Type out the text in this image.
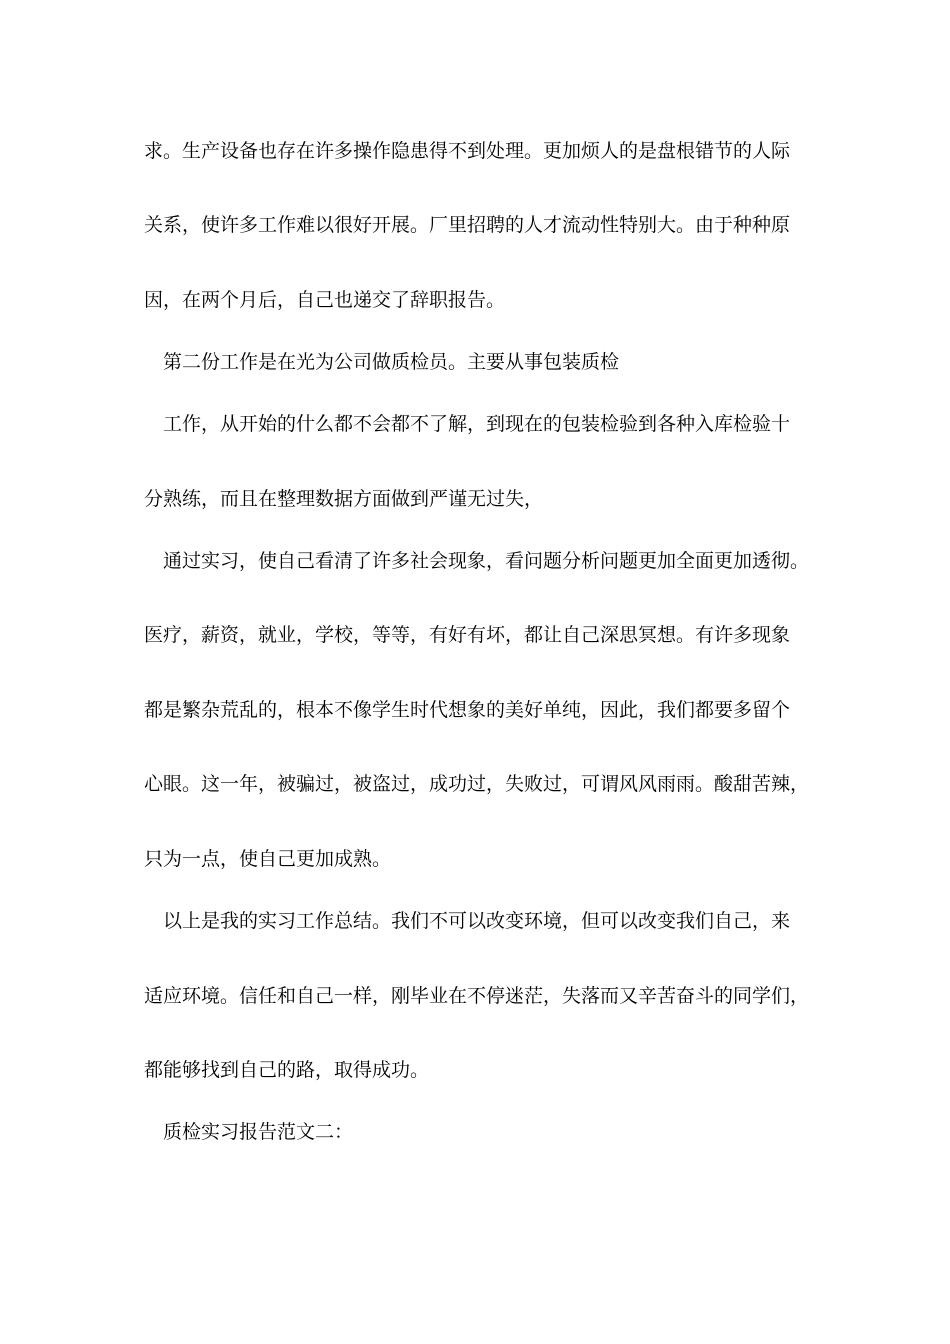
求。生产设备也存在许多操作隐患得不到处理。更加烦人的是盘根错节的人际
关系，使许多工作难以很好开展。厂里招聘的人才流动性特别大。由于种种原
因，在两个月后，自己也递交了辞职报告。
第二份工作是在光为公司做质检员。主要从事包装质检
工作，从开始的什么都不会都不了解，到现在的包装检验到各种入库检验十
分熟练，而且在整理数据方面做到严谨无过失，
通过实习，使自己看清了许多社会现象，看问题分析问题更加全面更加透彻。
医疗，薪资，就业，学校，等等，有好有坏，都让自己深思冥想。有许多现象
都是繁杂荒乱的，根本不像学生时代想象的美好单纯，因此，我们都要多留个
心眼。这一年，被骗过，被盗过，成功过，失败过，可谓风风雨雨。酸甜苦辣，
只为一点，使自己更加成熟。
以上是我的实习工作总结。我们不可以改变环境，但可以改变我们自己，来
适应环境。信任和自己一样，刚毕业在不停迷茫，失落而又辛苦奋斗的同学们，
都能够找到自己的路，取得成功。
质检实习报告范文二：
